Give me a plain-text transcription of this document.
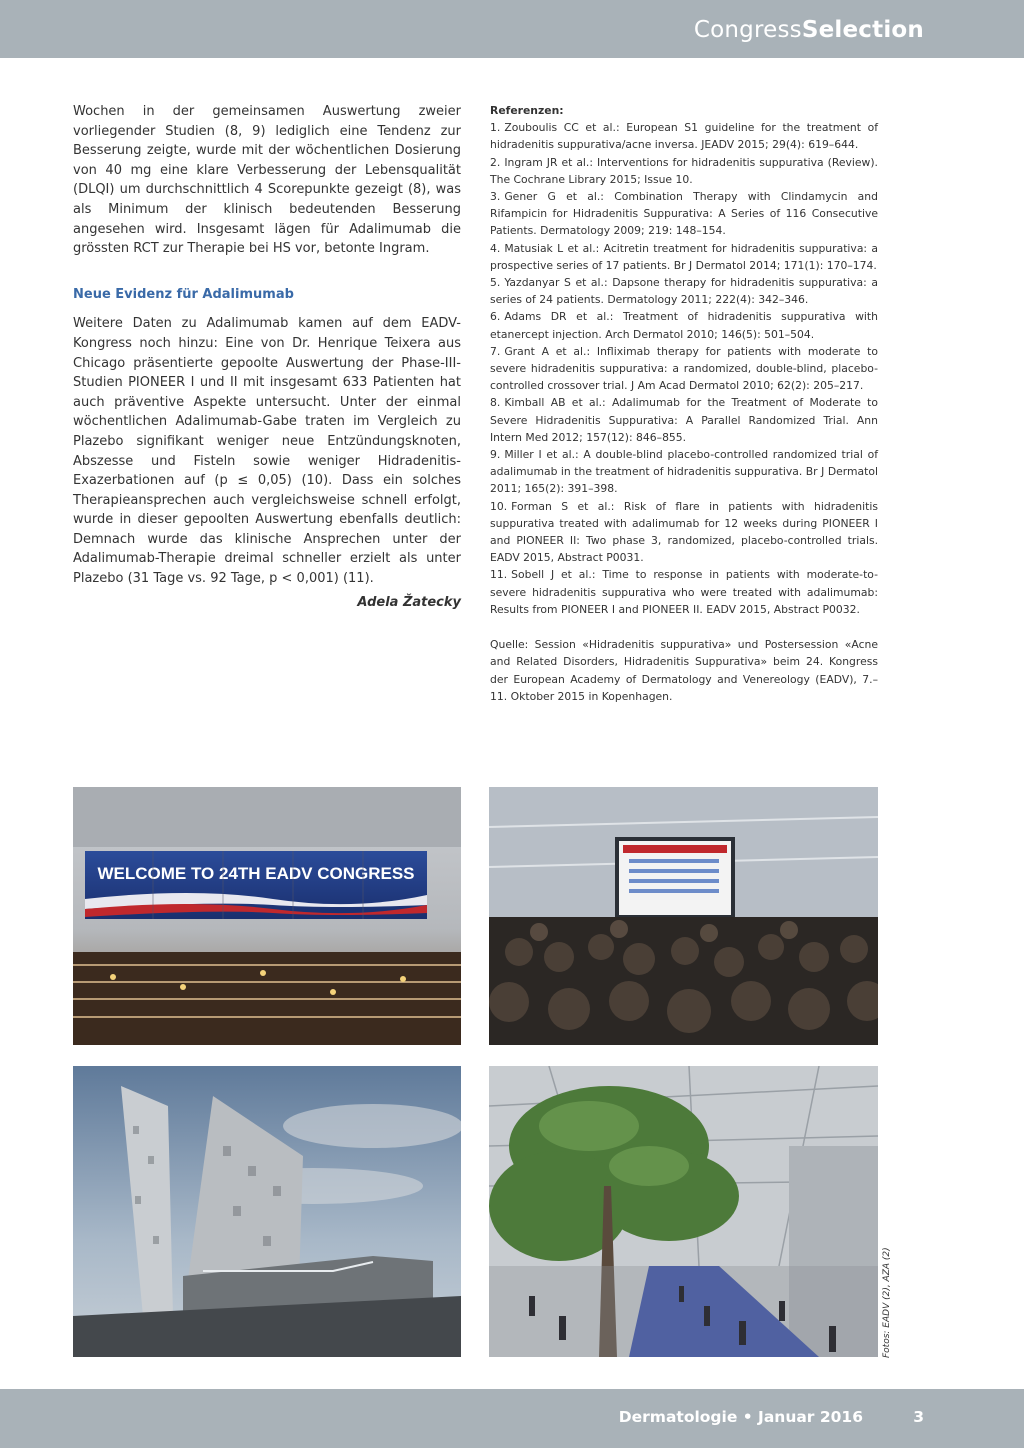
CongressSelection

Wochen in der gemeinsamen Auswertung zweier vorliegender Studien (8, 9) lediglich eine Tendenz zur Besserung zeigte, wurde mit der wöchentlichen Dosierung von 40 mg eine klare Verbesserung der Lebensqualität (DLQI) um durchschnittlich 4 Scorepunkte gezeigt (8), was als Minimum der klinisch bedeutenden Besserung angesehen wird. Insgesamt lägen für Adalimumab die grössten RCT zur Therapie bei HS vor, betonte Ingram.

Neue Evidenz für Adalimumab

Weitere Daten zu Adalimumab kamen auf dem EADV-Kongress noch hinzu: Eine von Dr. Henrique Teixera aus Chicago präsentierte gepoolte Auswertung der Phase-III-Studien PIONEER I und II mit insgesamt 633 Patienten hat auch präventive Aspekte untersucht. Unter der einmal wöchentlichen Adalimumab-Gabe traten im Vergleich zu Plazebo signifikant weniger neue Entzündungsknoten, Abszesse und Fisteln sowie weniger Hidradenitis-Exazerbationen auf (p ≤ 0,05) (10). Dass ein solches Therapieansprechen auch vergleichsweise schnell erfolgt, wurde in dieser gepoolten Auswertung ebenfalls deutlich: Demnach wurde das klinische Ansprechen unter der Adalimumab-Therapie dreimal schneller erzielt als unter Plazebo (31 Tage vs. 92 Tage, p < 0,001) (11).

Adela Žatecky
Referenzen:
1. Zouboulis CC et al.: European S1 guideline for the treatment of hidradenitis suppurativa/acne inversa. JEADV 2015; 29(4): 619–644.
2. Ingram JR et al.: Interventions for hidradenitis suppurativa (Review). The Cochrane Library 2015; Issue 10.
3. Gener G et al.: Combination Therapy with Clindamycin and Rifampicin for Hidradenitis Suppurativa: A Series of 116 Consecutive Patients. Dermatology 2009; 219: 148–154.
4. Matusiak L et al.: Acitretin treatment for hidradenitis suppurativa: a prospective series of 17 patients. Br J Dermatol 2014; 171(1): 170–174.
5. Yazdanyar S et al.: Dapsone therapy for hidradenitis suppurativa: a series of 24 patients. Dermatology 2011; 222(4): 342–346.
6. Adams DR et al.: Treatment of hidradenitis suppurativa with etanercept injection. Arch Dermatol 2010; 146(5): 501–504.
7. Grant A et al.: Infliximab therapy for patients with moderate to severe hidradenitis suppurativa: a randomized, double-blind, placebo-controlled crossover trial. J Am Acad Dermatol 2010; 62(2): 205–217.
8. Kimball AB et al.: Adalimumab for the Treatment of Moderate to Severe Hidradenitis Suppurativa: A Parallel Randomized Trial. Ann Intern Med 2012; 157(12): 846–855.
9. Miller I et al.: A double-blind placebo-controlled randomized trial of adalimumab in the treatment of hidradenitis suppurativa. Br J Dermatol 2011; 165(2): 391–398.
10. Forman S et al.: Risk of flare in patients with hidradenitis suppurativa treated with adalimumab for 12 weeks during PIONEER I and PIONEER II: Two phase 3, randomized, placebo-controlled trials. EADV 2015, Abstract P0031.
11. Sobell J et al.: Time to response in patients with moderate-to-severe hidradenitis suppurativa who were treated with adalimumab: Results from PIONEER I and PIONEER II. EADV 2015, Abstract P0032.
Quelle: Session «Hidradenitis suppurativa» und Postersession «Acne and Related Disorders, Hidradenitis Suppurativa» beim 24. Kongress der European Academy of Dermatology and Venereology (EADV), 7.–11. Oktober 2015 in Kopenhagen.
WELCOME TO 24TH EADV CONGRESS
Fotos: EADV (2), AZA (2)
Dermatologie • Januar 2016	3
